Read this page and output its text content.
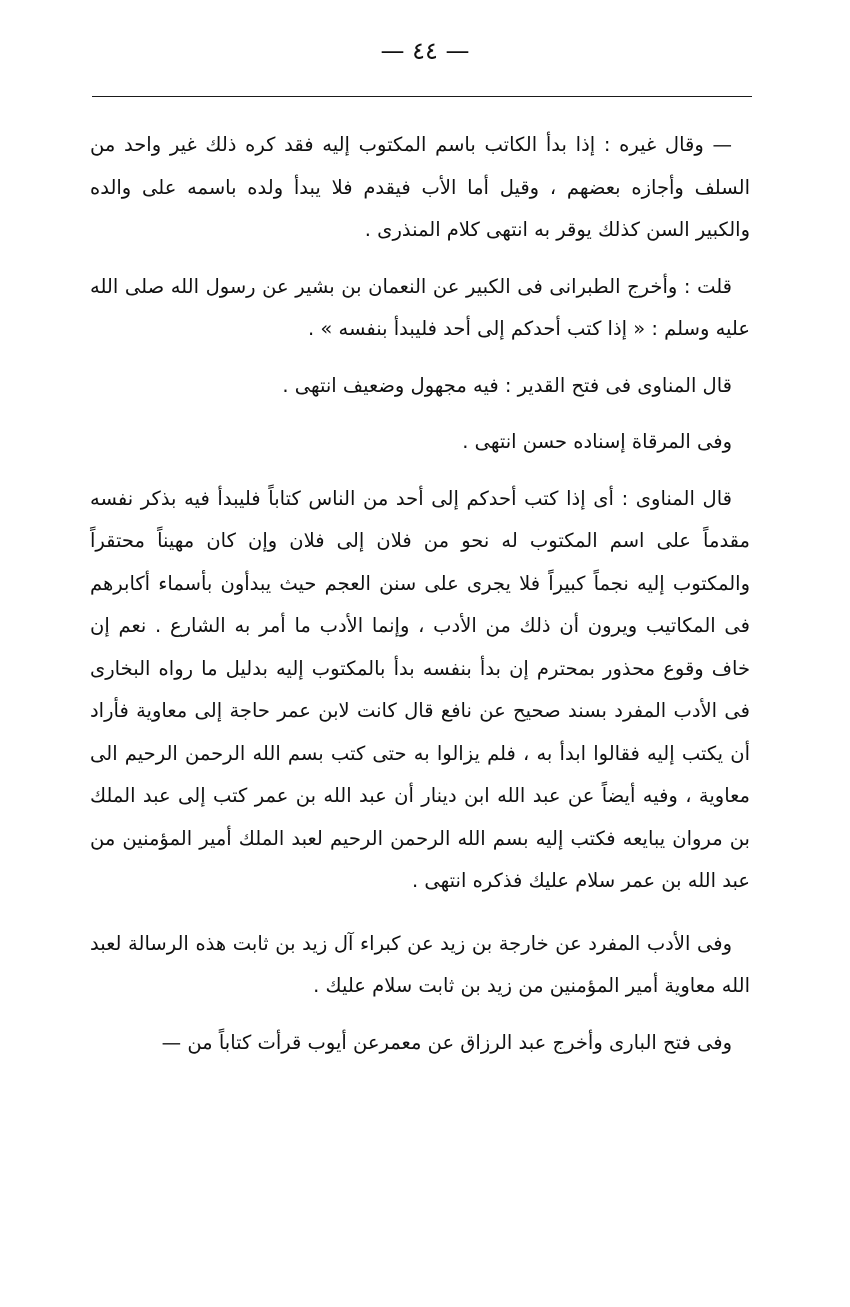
— ٤٤ —

— وقال غيره : إذا بدأ الكاتب باسم المكتوب إليه فقد كره ذلك غير واحد من السلف وأجازه بعضهم ، وقيل أما الأب فيقدم فلا يبدأ ولده باسمه على والده والكبير السن كذلك يوقر به انتهى كلام المنذرى .

قلت : وأخرج الطبرانى فى الكبير عن النعمان بن بشير عن رسول الله صلى الله عليه وسلم : « إذا كتب أحدكم إلى أحد فليبدأ بنفسه » .

قال المناوى فى فتح القدير : فيه مجهول وضعيف انتهى .

وفى المرقاة إسناده حسن انتهى .

قال المناوى : أى إذا كتب أحدكم إلى أحد من الناس كتاباً فليبدأ فيه بذكر نفسه مقدماً على اسم المكتوب له نحو من فلان إلى فلان وإن كان مهيناً محتقراً والمكتوب إليه نجماً كبيراً فلا يجرى على سنن العجم حيث يبدأون بأسماء أكابرهم فى المكاتيب ويرون أن ذلك من الأدب ، وإنما الأدب ما أمر به الشارع . نعم إن خاف وقوع محذور بمحترم إن بدأ بنفسه بدأ بالمكتوب إليه بدليل ما رواه البخارى فى الأدب المفرد بسند صحيح عن نافع قال كانت لابن عمر حاجة إلى معاوية فأراد أن يكتب إليه فقالوا ابدأ به ، فلم يزالوا به حتى كتب بسم الله الرحمن الرحيم الى معاوية ، وفيه أيضاً عن عبد الله ابن دينار أن عبد الله بن عمر كتب إلى عبد الملك بن مروان يبايعه فكتب إليه بسم الله الرحمن الرحيم لعبد الملك أمير المؤمنين من عبد الله بن عمر سلام عليك فذكره انتهى .

وفى الأدب المفرد عن خارجة بن زيد عن كبراء آل زيد بن ثابت هذه الرسالة لعبد الله معاوية أمير المؤمنين من زيد بن ثابت سلام عليك .

وفى فتح البارى وأخرج عبد الرزاق عن معمرعن أيوب قرأت كتاباً من —
